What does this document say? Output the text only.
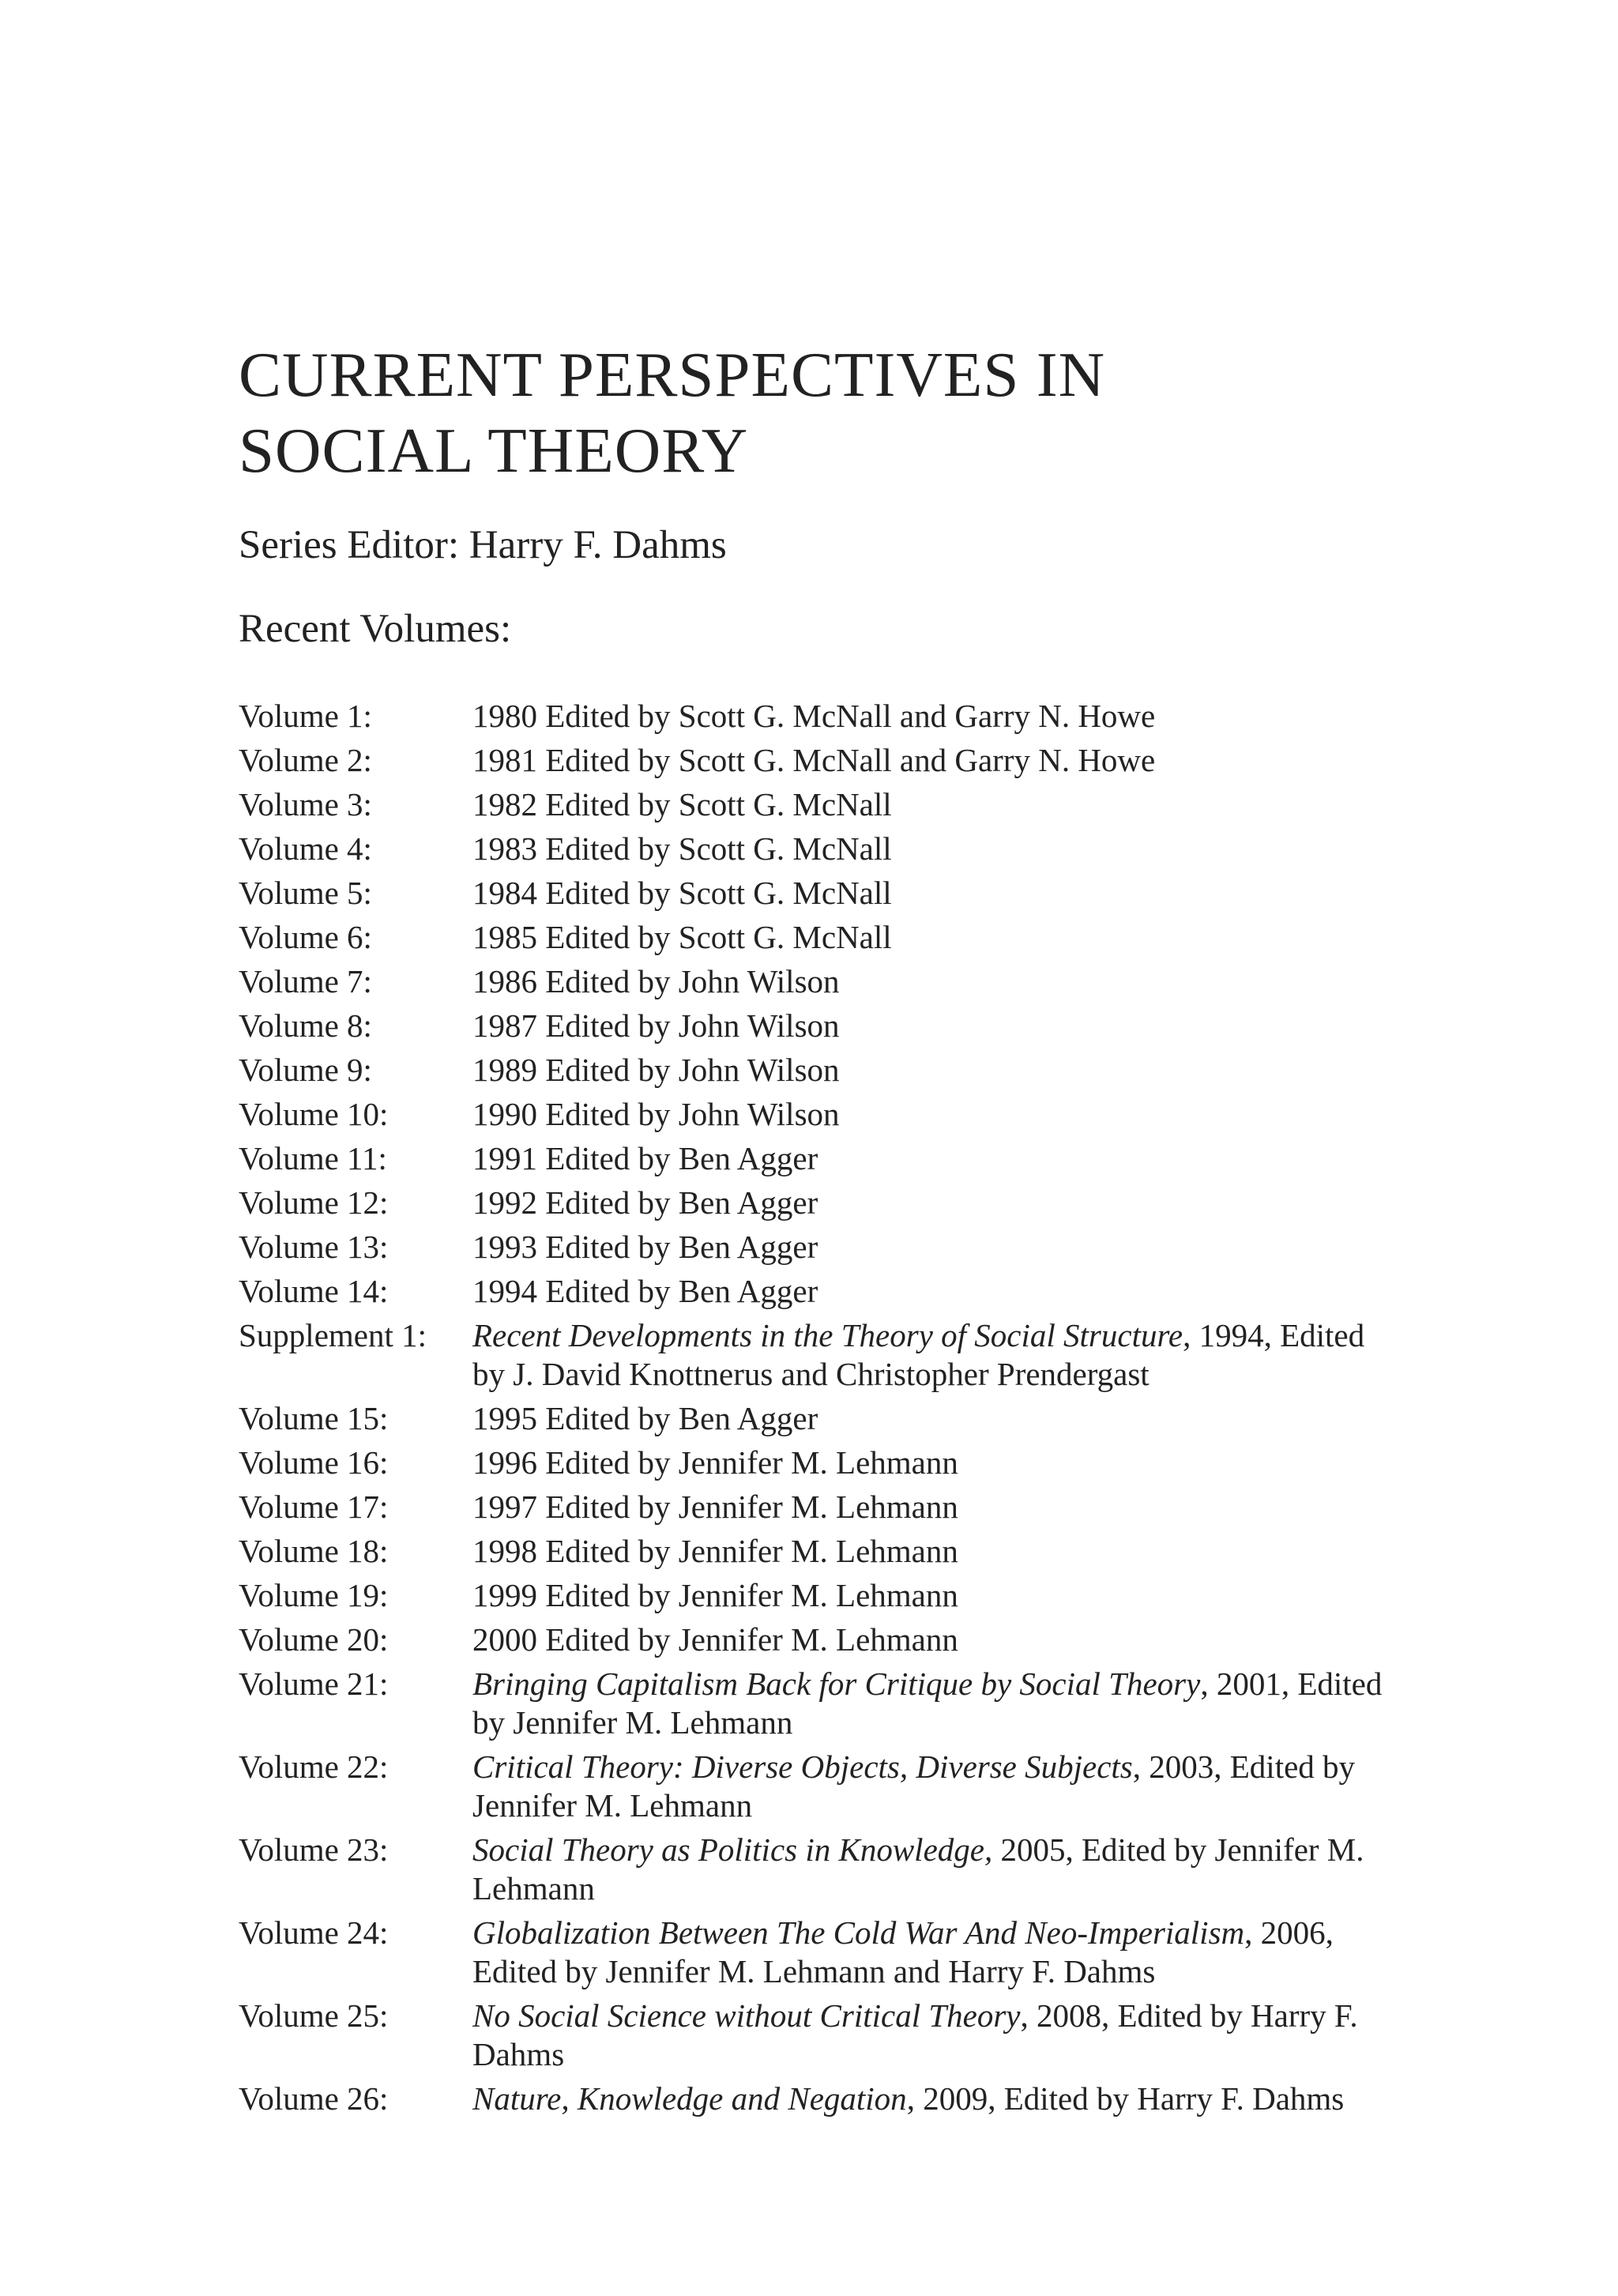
CURRENT PERSPECTIVES IN
SOCIAL THEORY

Series Editor: Harry F. Dahms

Recent Volumes:

Volume 1:	1980 Edited by Scott G. McNall and Garry N. Howe
Volume 2:	1981 Edited by Scott G. McNall and Garry N. Howe
Volume 3:	1982 Edited by Scott G. McNall
Volume 4:	1983 Edited by Scott G. McNall
Volume 5:	1984 Edited by Scott G. McNall
Volume 6:	1985 Edited by Scott G. McNall
Volume 7:	1986 Edited by John Wilson
Volume 8:	1987 Edited by John Wilson
Volume 9:	1989 Edited by John Wilson
Volume 10:	1990 Edited by John Wilson
Volume 11:	1991 Edited by Ben Agger
Volume 12:	1992 Edited by Ben Agger
Volume 13:	1993 Edited by Ben Agger
Volume 14:	1994 Edited by Ben Agger
Supplement 1:	Recent Developments in the Theory of Social Structure, 1994, Edited by J. David Knottnerus and Christopher Prendergast
Volume 15:	1995 Edited by Ben Agger
Volume 16:	1996 Edited by Jennifer M. Lehmann
Volume 17:	1997 Edited by Jennifer M. Lehmann
Volume 18:	1998 Edited by Jennifer M. Lehmann
Volume 19:	1999 Edited by Jennifer M. Lehmann
Volume 20:	2000 Edited by Jennifer M. Lehmann
Volume 21:	Bringing Capitalism Back for Critique by Social Theory, 2001, Edited by Jennifer M. Lehmann
Volume 22:	Critical Theory: Diverse Objects, Diverse Subjects, 2003, Edited by Jennifer M. Lehmann
Volume 23:	Social Theory as Politics in Knowledge, 2005, Edited by Jennifer M. Lehmann
Volume 24:	Globalization Between The Cold War And Neo-Imperialism, 2006, Edited by Jennifer M. Lehmann and Harry F. Dahms
Volume 25:	No Social Science without Critical Theory, 2008, Edited by Harry F. Dahms
Volume 26:	Nature, Knowledge and Negation, 2009, Edited by Harry F. Dahms
